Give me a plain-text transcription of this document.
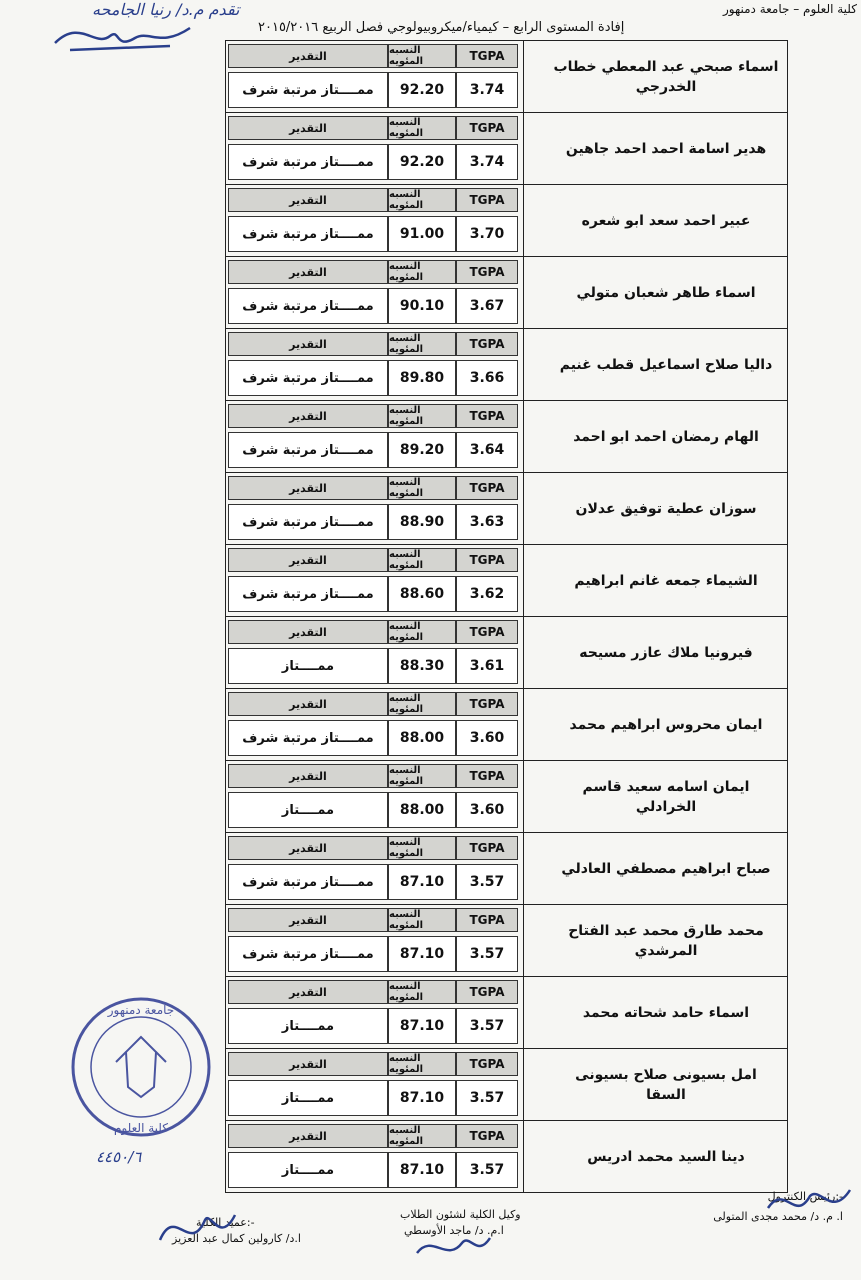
تقدم م.د/ رنيا الجامحه	كلية العلوم – جامعة دمنهور
إفادة المستوى الرابع – كيمياء/ميكروبيولوجي فصل الربيع ٢٠١٥/٢٠١٦
اسماء صبحي عبد المعطي خطاب الخدرجي
التقدير	النسبه المئويه	TGPA
ممــــتاز مرتبة شرف	92.20	3.74
هدير اسامة احمد احمد جاهين
التقدير	النسبه المئويه	TGPA
ممــــتاز مرتبة شرف	92.20	3.74
عبير احمد سعد ابو شعره
التقدير	النسبه المئويه	TGPA
ممــــتاز مرتبة شرف	91.00	3.70
اسماء طاهر شعبان متولي
التقدير	النسبه المئويه	TGPA
ممــــتاز مرتبة شرف	90.10	3.67
داليا صلاح اسماعيل قطب غنيم
التقدير	النسبه المئويه	TGPA
ممــــتاز مرتبة شرف	89.80	3.66
الهام رمضان احمد ابو احمد
التقدير	النسبه المئويه	TGPA
ممــــتاز مرتبة شرف	89.20	3.64
سوزان عطية توفيق عدلان
التقدير	النسبه المئويه	TGPA
ممــــتاز مرتبة شرف	88.90	3.63
الشيماء جمعه غانم ابراهيم
التقدير	النسبه المئويه	TGPA
ممــــتاز مرتبة شرف	88.60	3.62
فيرونيا ملاك عازر مسيحه
التقدير	النسبه المئويه	TGPA
ممــــتاز	88.30	3.61
ايمان محروس ابراهيم محمد
التقدير	النسبه المئويه	TGPA
ممــــتاز مرتبة شرف	88.00	3.60
ايمان اسامه سعيد قاسم الخرادلي
التقدير	النسبه المئويه	TGPA
ممــــتاز	88.00	3.60
صباح ابراهيم مصطفي العادلي
التقدير	النسبه المئويه	TGPA
ممــــتاز مرتبة شرف	87.10	3.57
محمد طارق محمد عبد الفتاح المرشدي
التقدير	النسبه المئويه	TGPA
ممــــتاز مرتبة شرف	87.10	3.57
اسماء حامد شحاته محمد
التقدير	النسبه المئويه	TGPA
ممــــتاز	87.10	3.57
امل بسيونى صلاح بسيونى السقا
التقدير	النسبه المئويه	TGPA
ممــــتاز	87.10	3.57
دينا السيد محمد ادريس
التقدير	النسبه المئويه	TGPA
ممــــتاز	87.10	3.57
جامعة دمنهور
كلية العلوم
٤٤٥٠/٦
رئيس الكنترول:-
ا. م. د/ محمد مجدى المتولى
وكيل الكلية لشئون الطلاب
ا.م. د/ ماجد الأوسطي
عميد الكلية:-
ا.د/ كارولين كمال عبد العزيز
